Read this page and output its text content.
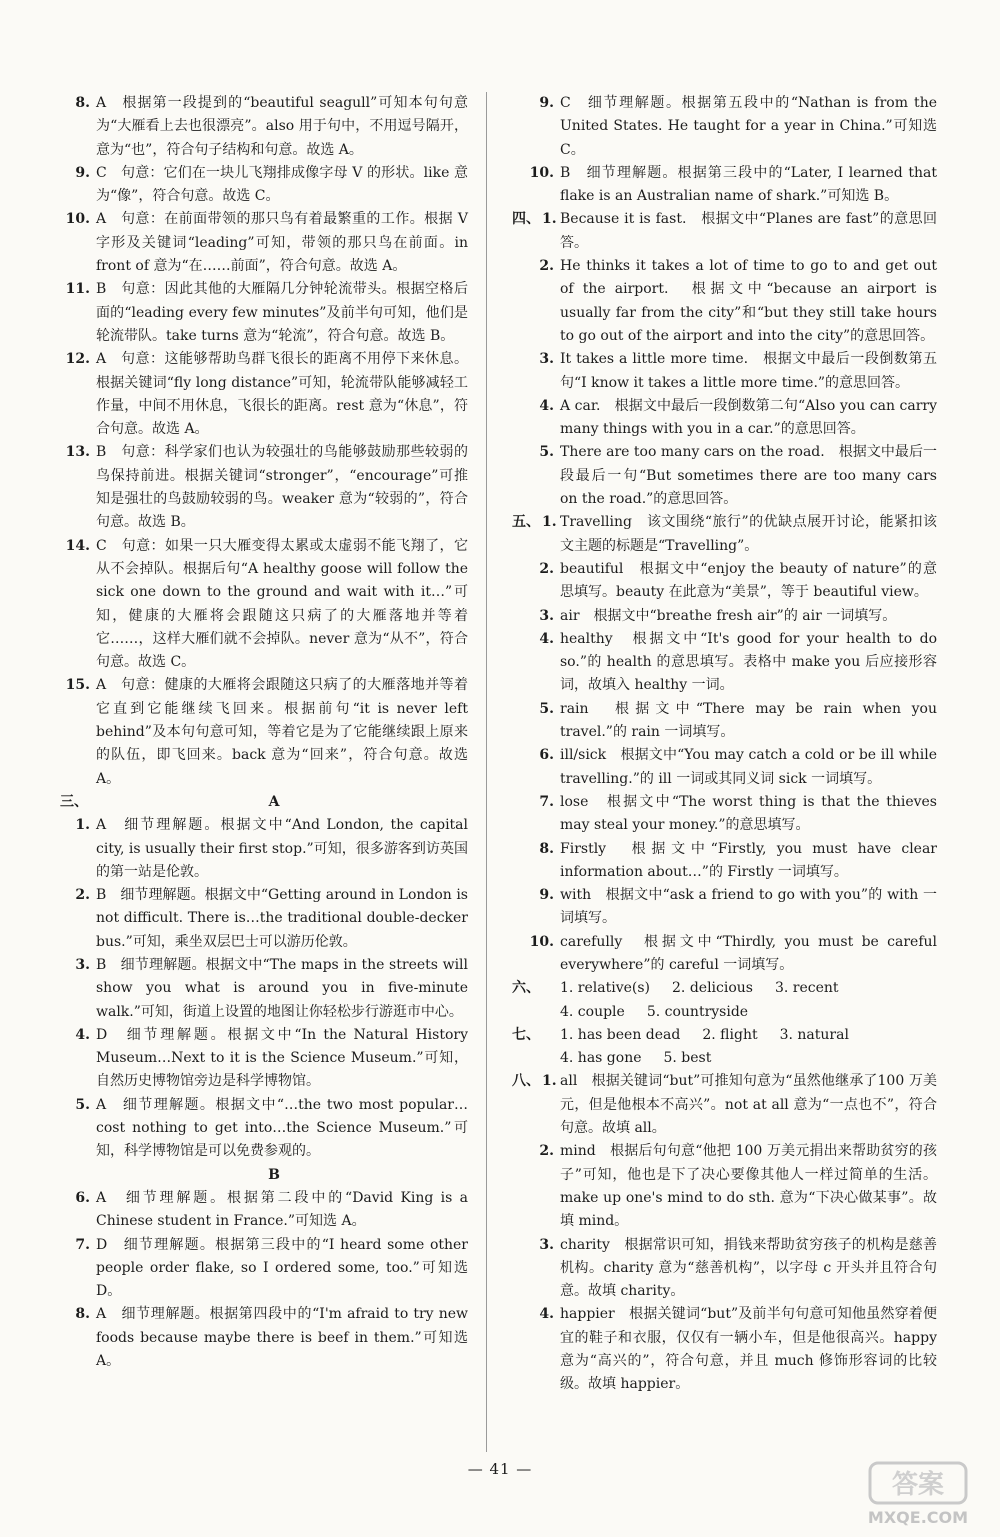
8. A　根据第一段提到的“beautiful seagull”可知本句句意为“大雁看上去也很漂亮”。also 用于句中，不用逗号隔开，意为“也”，符合句子结构和句意。故选 A。
9. C　句意：它们在一块儿飞翔排成像字母 V 的形状。like 意为“像”，符合句意。故选 C。
10. A　句意：在前面带领的那只鸟有着最繁重的工作。根据 V 字形及关键词“leading”可知，带领的那只鸟在前面。in front of 意为“在……前面”，符合句意。故选 A。
11. B　句意：因此其他的大雁隔几分钟轮流带头。根据空格后面的“leading every few minutes”及前半句可知，他们是轮流带队。take turns 意为“轮流”，符合句意。故选 B。
12. A　句意：这能够帮助鸟群飞很长的距离不用停下来休息。根据关键词“fly long distance”可知，轮流带队能够减轻工作量，中间不用休息，飞很长的距离。rest 意为“休息”，符合句意。故选 A。
13. B　句意：科学家们也认为较强壮的鸟能够鼓励那些较弱的鸟保持前进。根据关键词“stronger”，“encourage”可推知是强壮的鸟鼓励较弱的鸟。weaker 意为“较弱的”，符合句意。故选 B。
14. C　句意：如果一只大雁变得太累或太虚弱不能飞翔了，它从不会掉队。根据后句“A healthy goose will follow the sick one down to the ground and wait with it…”可知，健康的大雁将会跟随这只病了的大雁落地并等着它……，这样大雁们就不会掉队。never 意为“从不”，符合句意。故选 C。
15. A　句意：健康的大雁将会跟随这只病了的大雁落地并等着它直到它能继续飞回来。根据前句“it is never left behind”及本句句意可知，等着它是为了它能继续跟上原来的队伍，即飞回来。back 意为“回来”，符合句意。故选 A。
三、	A
1. A　细节理解题。根据文中“And London, the capital city, is usually their first stop.”可知，很多游客到访英国的第一站是伦敦。
2. B　细节理解题。根据文中“Getting around in London is not difficult. There is…the traditional double-decker bus.”可知，乘坐双层巴士可以游历伦敦。
3. B　细节理解题。根据文中“The maps in the streets will show you what is around you in five-minute walk.”可知，街道上设置的地图让你轻松步行游逛市中心。
4. D　细节理解题。根据文中“In the Natural History Museum…Next to it is the Science Museum.”可知，自然历史博物馆旁边是科学博物馆。
5. A　细节理解题。根据文中“…the two most popular…cost nothing to get into…the Science Museum.”可知，科学博物馆是可以免费参观的。
B
6. A　细节理解题。根据第二段中的“David King is a Chinese student in France.”可知选 A。
7. D　细节理解题。根据第三段中的“I heard some other people order flake, so I ordered some, too.”可知选 D。
8. A　细节理解题。根据第四段中的“I'm afraid to try new foods because maybe there is beef in them.”可知选 A。
9. C　细节理解题。根据第五段中的“Nathan is from the United States. He taught for a year in China.”可知选 C。
10. B　细节理解题。根据第三段中的“Later, I learned that flake is an Australian name of shark.”可知选 B。
四、 1. Because it is fast.　根据文中“Planes are fast”的意思回答。
2. He thinks it takes a lot of time to go to and get out of the airport.　根据文中“because an airport is usually far from the city”和“but they still take hours to go out of the airport and into the city”的意思回答。
3. It takes a little more time.　根据文中最后一段倒数第五句“I know it takes a little more time.”的意思回答。
4. A car.　根据文中最后一段倒数第二句“Also you can carry many things with you in a car.”的意思回答。
5. There are too many cars on the road.　根据文中最后一段最后一句“But sometimes there are too many cars on the road.”的意思回答。
五、 1. Travelling　该文围绕“旅行”的优缺点展开讨论，能紧扣该文主题的标题是“Travelling”。
2. beautiful　根据文中“enjoy the beauty of nature”的意思填写。beauty 在此意为“美景”，等于 beautiful view。
3. air　根据文中“breathe fresh air”的 air 一词填写。
4. healthy　根据文中“It's good for your health to do so.”的 health 的意思填写。表格中 make you 后应接形容词，故填入 healthy 一词。
5. rain　根据文中“There may be rain when you travel.”的 rain 一词填写。
6. ill/sick　根据文中“You may catch a cold or be ill while travelling.”的 ill 一词或其同义词 sick 一词填写。
7. lose　根据文中“The worst thing is that the thieves may steal your money.”的意思填写。
8. Firstly　根据文中“Firstly, you must have clear information about…”的 Firstly 一词填写。
9. with　根据文中“ask a friend to go with you”的 with 一词填写。
10. carefully　根据文中“Thirdly, you must be careful everywhere”的 careful 一词填写。
六、	1. relative(s) 2. delicious 3. recent
4. couple 5. countryside
七、	1. has been dead 2. flight 3. natural
4. has gone 5. best
八、 1. all　根据关键词“but”可推知句意为“虽然他继承了100 万美元，但是他根本不高兴”。not at all 意为“一点也不”，符合句意。故填 all。
2. mind　根据后句句意“他把 100 万美元捐出来帮助贫穷的孩子”可知，他也是下了决心要像其他人一样过简单的生活。make up one's mind to do sth. 意为“下决心做某事”。故填 mind。
3. charity　根据常识可知，捐钱来帮助贫穷孩子的机构是慈善机构。charity 意为“慈善机构”，以字母 c 开头并且符合句意。故填 charity。
4. happier　根据关键词“but”及前半句句意可知他虽然穿着便宜的鞋子和衣服，仅仅有一辆小车，但是他很高兴。happy 意为“高兴的”，符合句意，并且 much 修饰形容词的比较级。故填 happier。
— 41 —
答案
MXQE.COM
